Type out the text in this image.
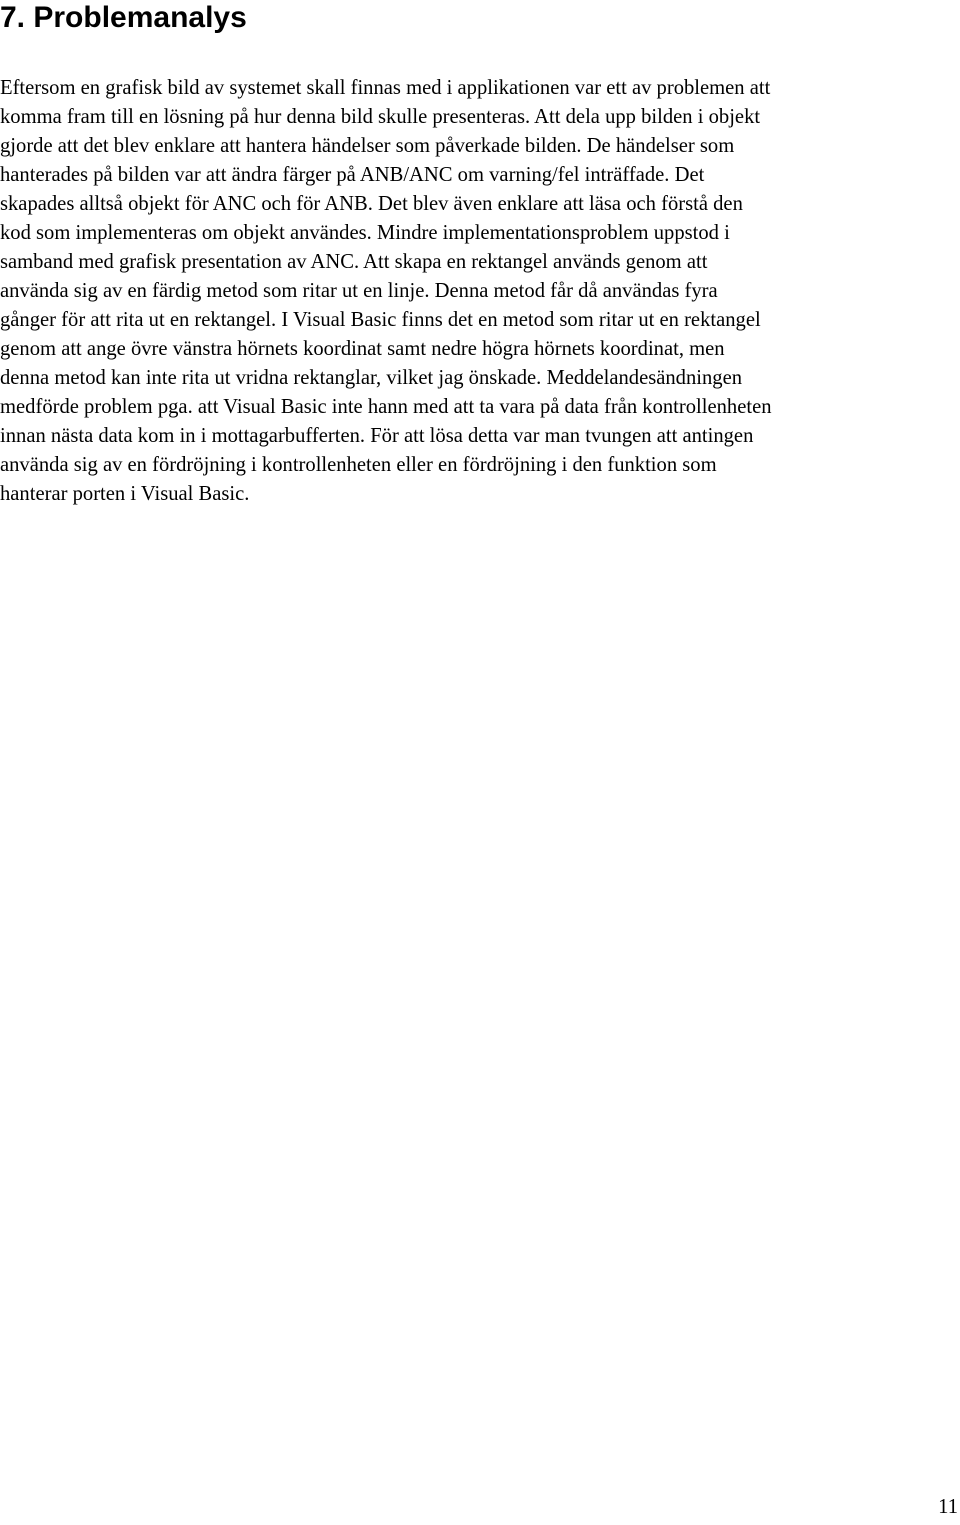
7. Problemanalys
Eftersom en grafisk bild av systemet skall finnas med i applikationen var ett av problemen att
komma fram till en lösning på hur denna bild skulle presenteras. Att dela upp bilden i objekt
gjorde att det blev enklare att hantera händelser som påverkade bilden. De händelser som
hanterades på bilden var att ändra färger på ANB/ANC om varning/fel inträffade. Det
skapades alltså objekt för ANC och för ANB. Det blev även enklare att läsa och förstå den
kod som implementeras om objekt användes. Mindre implementationsproblem uppstod i
samband med grafisk presentation av ANC. Att skapa en rektangel används genom att
använda sig av en färdig metod som ritar ut en linje. Denna metod får då användas fyra
gånger för att rita ut en rektangel. I Visual Basic finns det en metod som ritar ut en rektangel
genom att ange övre vänstra hörnets koordinat samt nedre högra hörnets koordinat, men
denna metod kan inte rita ut vridna rektanglar, vilket jag önskade. Meddelandesändningen
medförde problem pga. att Visual Basic inte hann med att ta vara på data från kontrollenheten
innan nästa data kom in i mottagarbufferten. För att lösa detta var man tvungen att antingen
använda sig av en fördröjning i kontrollenheten eller en fördröjning i den funktion som
hanterar porten i Visual Basic.
11
